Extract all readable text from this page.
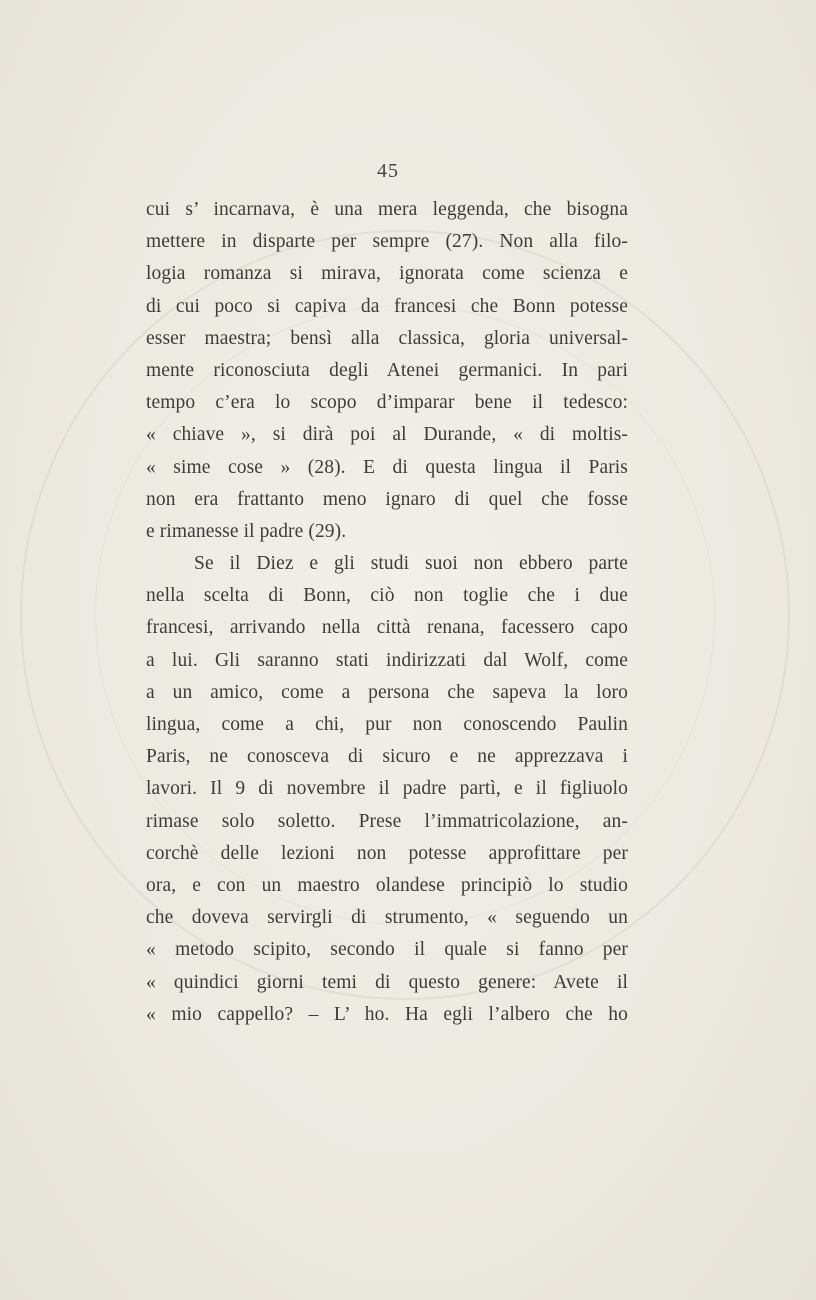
45
cui s’ incarnava, è una mera leggenda, che bisogna
mettere in disparte per sempre (27). Non alla filo-
logia romanza si mirava, ignorata come scienza e
di cui poco si capiva da francesi che Bonn potesse
esser maestra; bensì alla classica, gloria universal-
mente riconosciuta degli Atenei germanici. In pari
tempo c’era lo scopo d’imparar bene il tedesco:
« chiave », si dirà poi al Durande, « di moltis-
« sime cose » (28). E di questa lingua il Paris
non era frattanto meno ignaro di quel che fosse
e rimanesse il padre (29).
Se il Diez e gli studi suoi non ebbero parte
nella scelta di Bonn, ciò non toglie che i due
francesi, arrivando nella città renana, facessero capo
a lui. Gli saranno stati indirizzati dal Wolf, come
a un amico, come a persona che sapeva la loro
lingua, come a chi, pur non conoscendo Paulin
Paris, ne conosceva di sicuro e ne apprezzava i
lavori. Il 9 di novembre il padre partì, e il figliuolo
rimase solo soletto. Prese l’immatricolazione, an-
corchè delle lezioni non potesse approfittare per
ora, e con un maestro olandese principiò lo studio
che doveva servirgli di strumento, « seguendo un
« metodo scipito, secondo il quale si fanno per
« quindici giorni temi di questo genere: Avete il
« mio cappello? – L’ ho. Ha egli l’albero che ho
